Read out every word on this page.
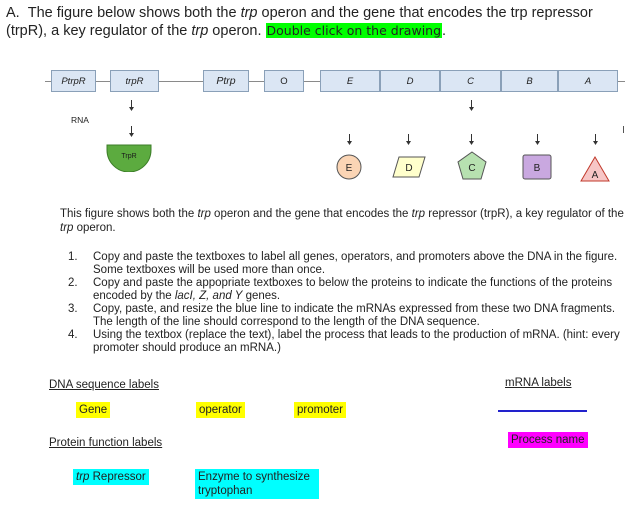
A. The figure below shows both the trp operon and the gene that encodes the trp repressor (trpR), a key regulator of the trp operon. Double click on the drawing.
PtrpR	trpR	Ptrp	O	E	D	C	B	A
RNA
TrpR
E	D	C	B
A
This figure shows both the trp operon and the gene that encodes the trp repressor (trpR), a key regulator of the trp operon.
1.	Copy and paste the textboxes to label all genes, operators, and promoters above the DNA in the figure. Some textboxes will be used more than once.
2.	Copy and paste the appopriate textboxes to below the proteins to indicate the functions of the proteins encoded by the lacI, Z, and Y genes.
3.	Copy, paste, and resize the blue line to indicate the mRNAs expressed from these two DNA fragments. The length of the line should correspond to the length of the DNA sequence.
4.	Using the textbox (replace the text), label the process that leads to the production of mRNA. (hint: every promoter should produce an mRNA.)
DNA sequence labels
Gene	operator	promoter
mRNA labels
Process name
Protein function labels
trp Repressor	Enzyme to synthesize tryptophan
